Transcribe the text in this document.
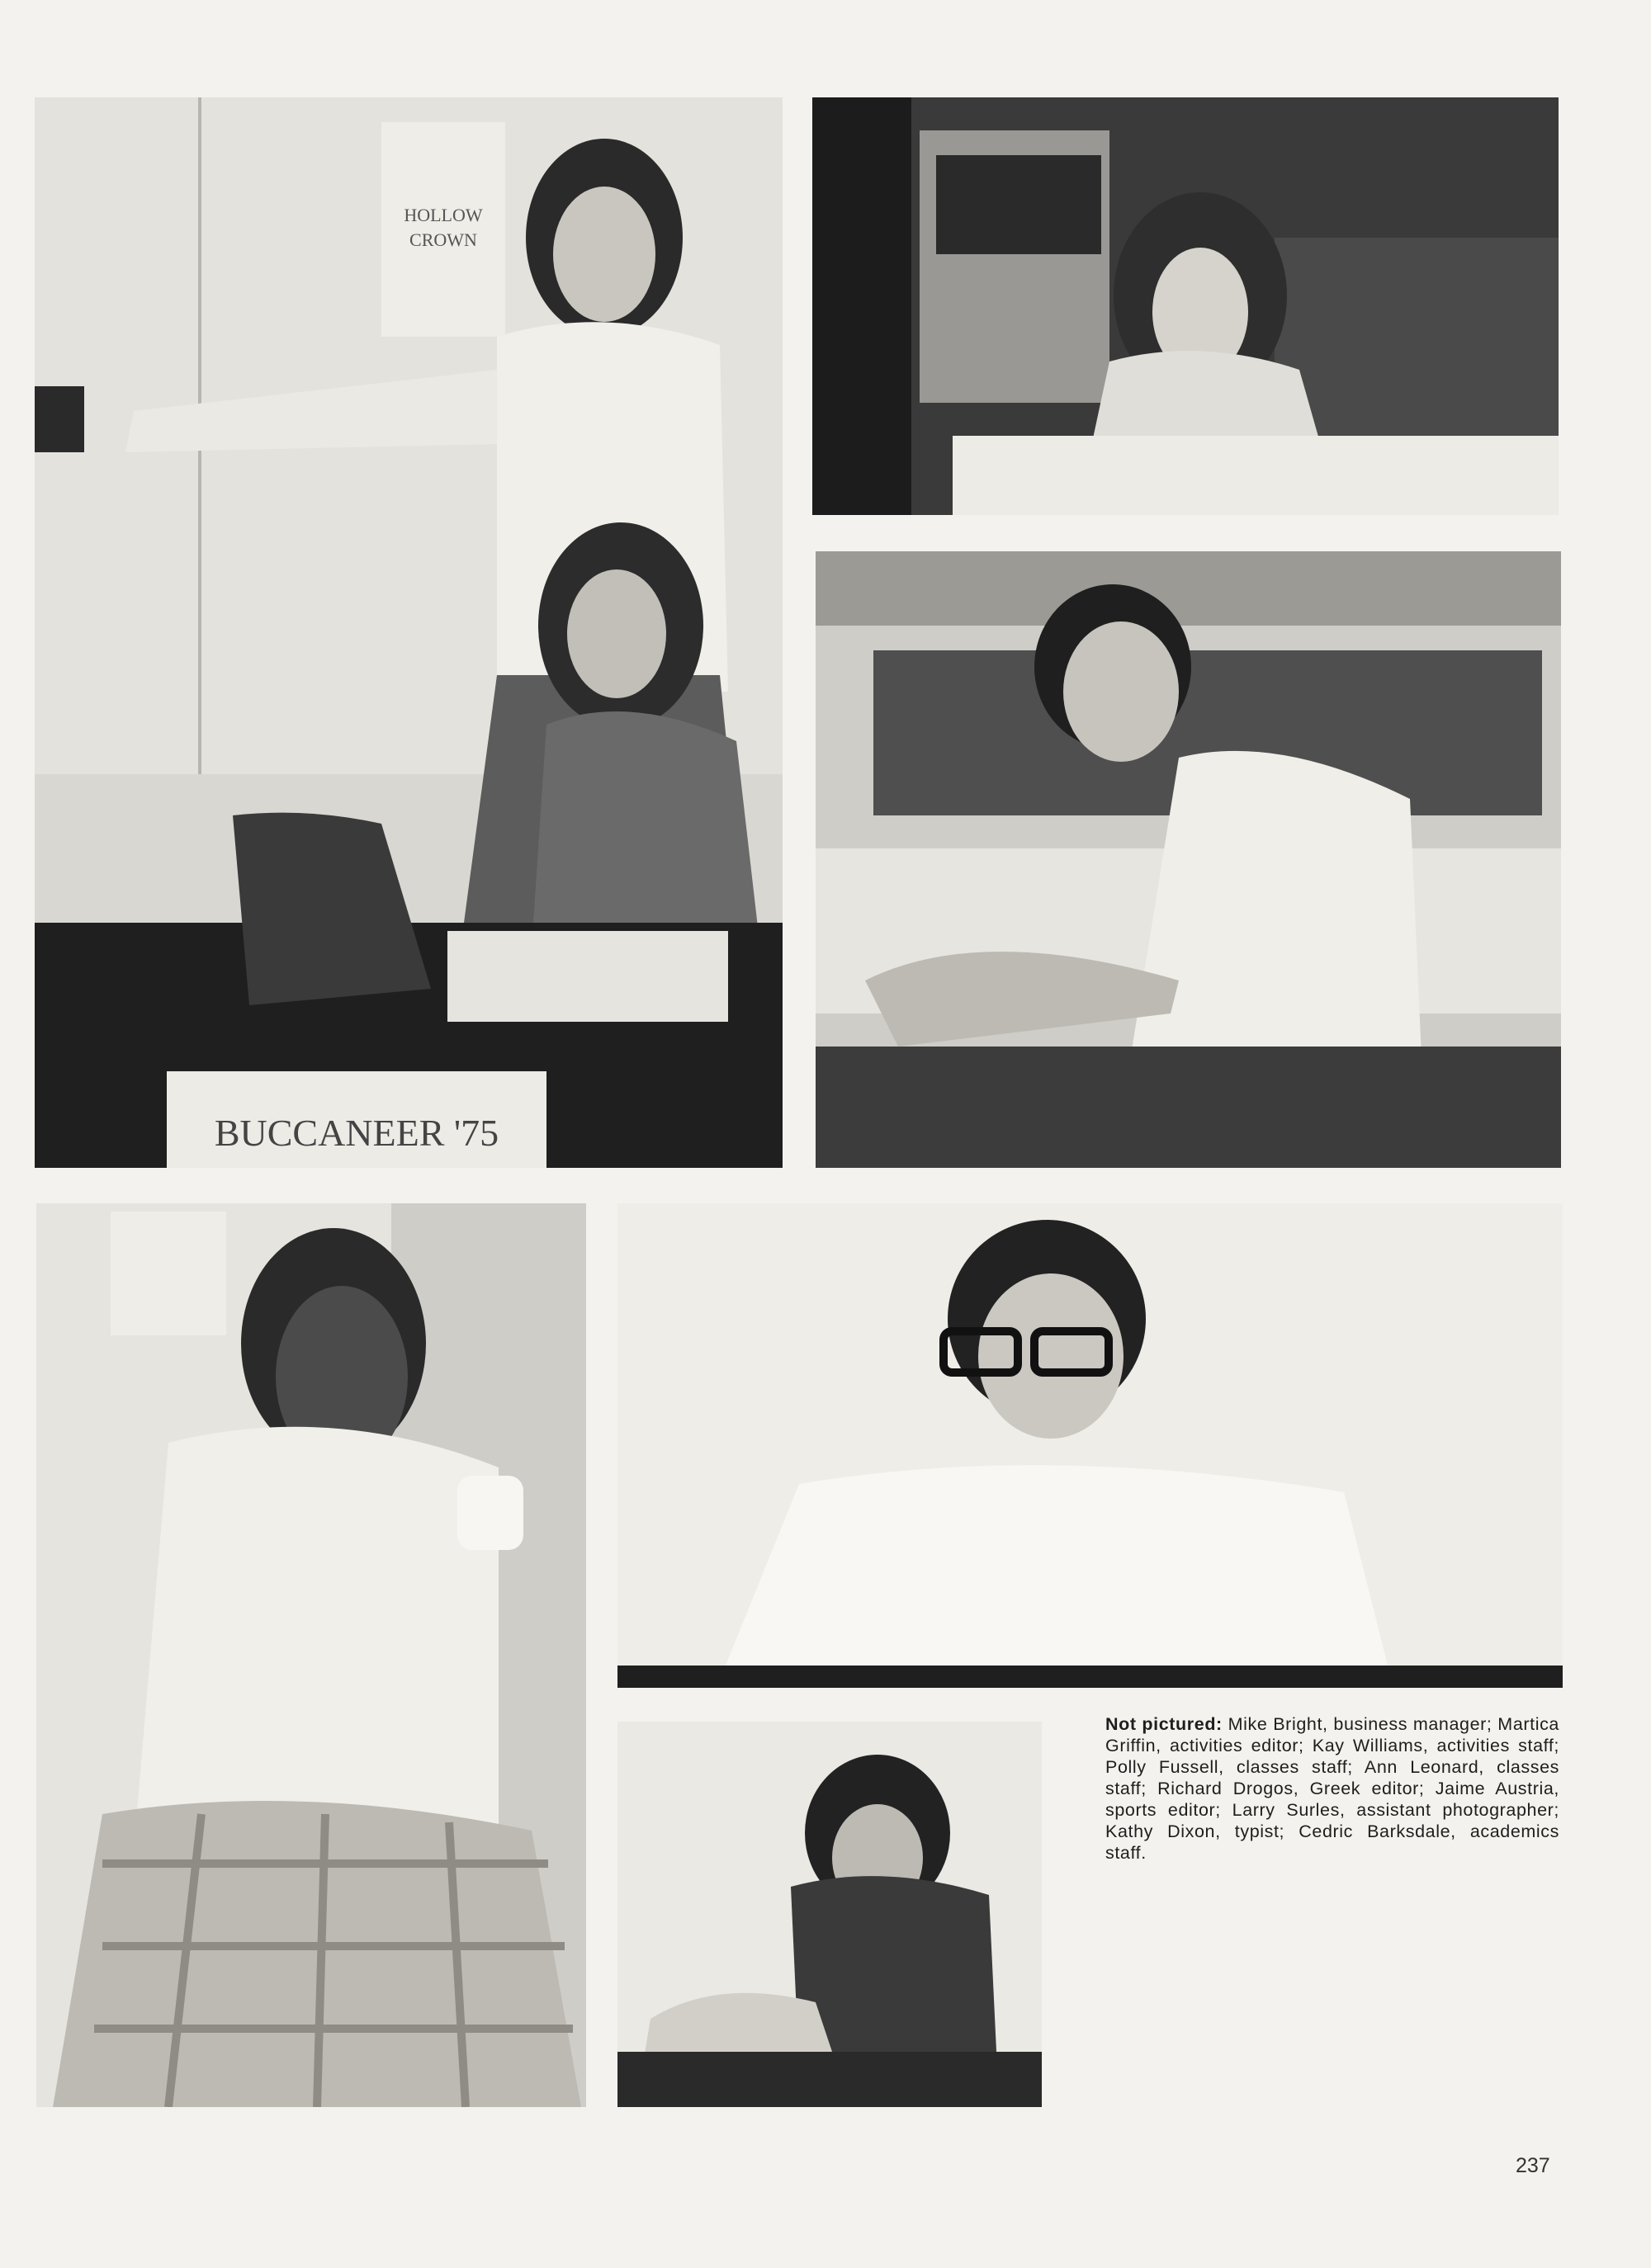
HOLLOW
CROWN
BUCCANEER '75
Not pictured: Mike Bright, business manager; Martica Griffin, activities editor; Kay Williams, activities staff; Polly Fussell, classes staff; Ann Leonard, classes staff; Richard Drogos, Greek editor; Jaime Austria, sports editor; Larry Surles, assistant photographer; Kathy Dixon, typist; Cedric Barksdale, academics staff.
237
